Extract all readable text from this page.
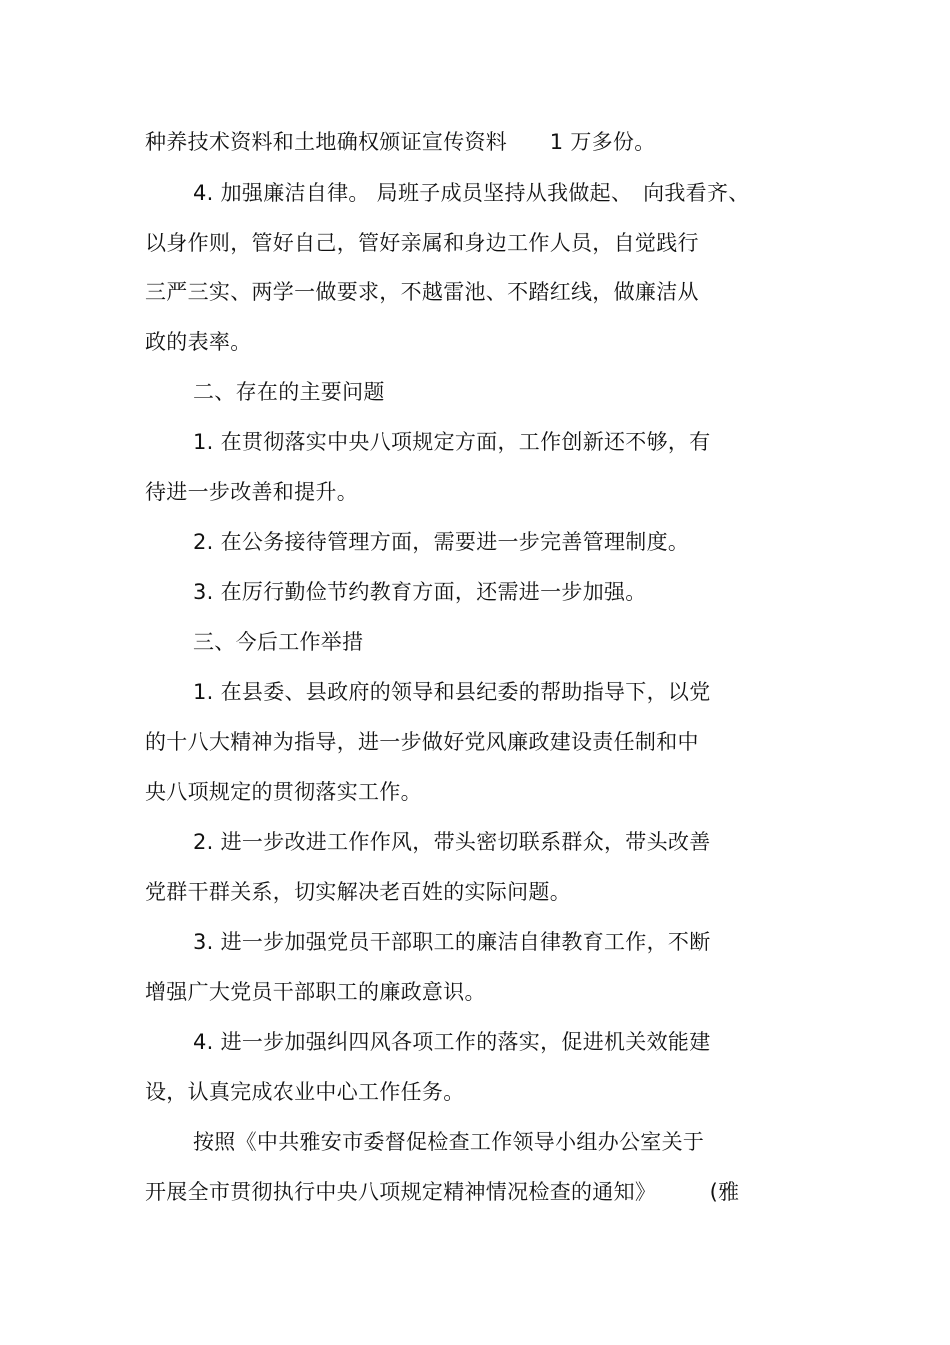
种养技术资料和土地确权颁证宣传资料　　1 万多份。
4. 加强廉洁自律。 局班子成员坚持从我做起、　向我看齐、
以身作则，管好自己，管好亲属和身边工作人员，自觉践行
三严三实、两学一做要求，不越雷池、不踏红线，做廉洁从
政的表率。
二、存在的主要问题
1. 在贯彻落实中央八项规定方面，工作创新还不够，有
待进一步改善和提升。
2. 在公务接待管理方面，需要进一步完善管理制度。
3. 在厉行勤俭节约教育方面，还需进一步加强。
三、今后工作举措
1. 在县委、县政府的领导和县纪委的帮助指导下，以党
的十八大精神为指导，进一步做好党风廉政建设责任制和中
央八项规定的贯彻落实工作。
2. 进一步改进工作作风，带头密切联系群众，带头改善
党群干群关系，切实解决老百姓的实际问题。
3. 进一步加强党员干部职工的廉洁自律教育工作，不断
增强广大党员干部职工的廉政意识。
4. 进一步加强纠四风各项工作的落实，促进机关效能建
设，认真完成农业中心工作任务。
按照《中共雅安市委督促检查工作领导小组办公室关于
开展全市贯彻执行中央八项规定精神情况检查的通知》　　　(雅
